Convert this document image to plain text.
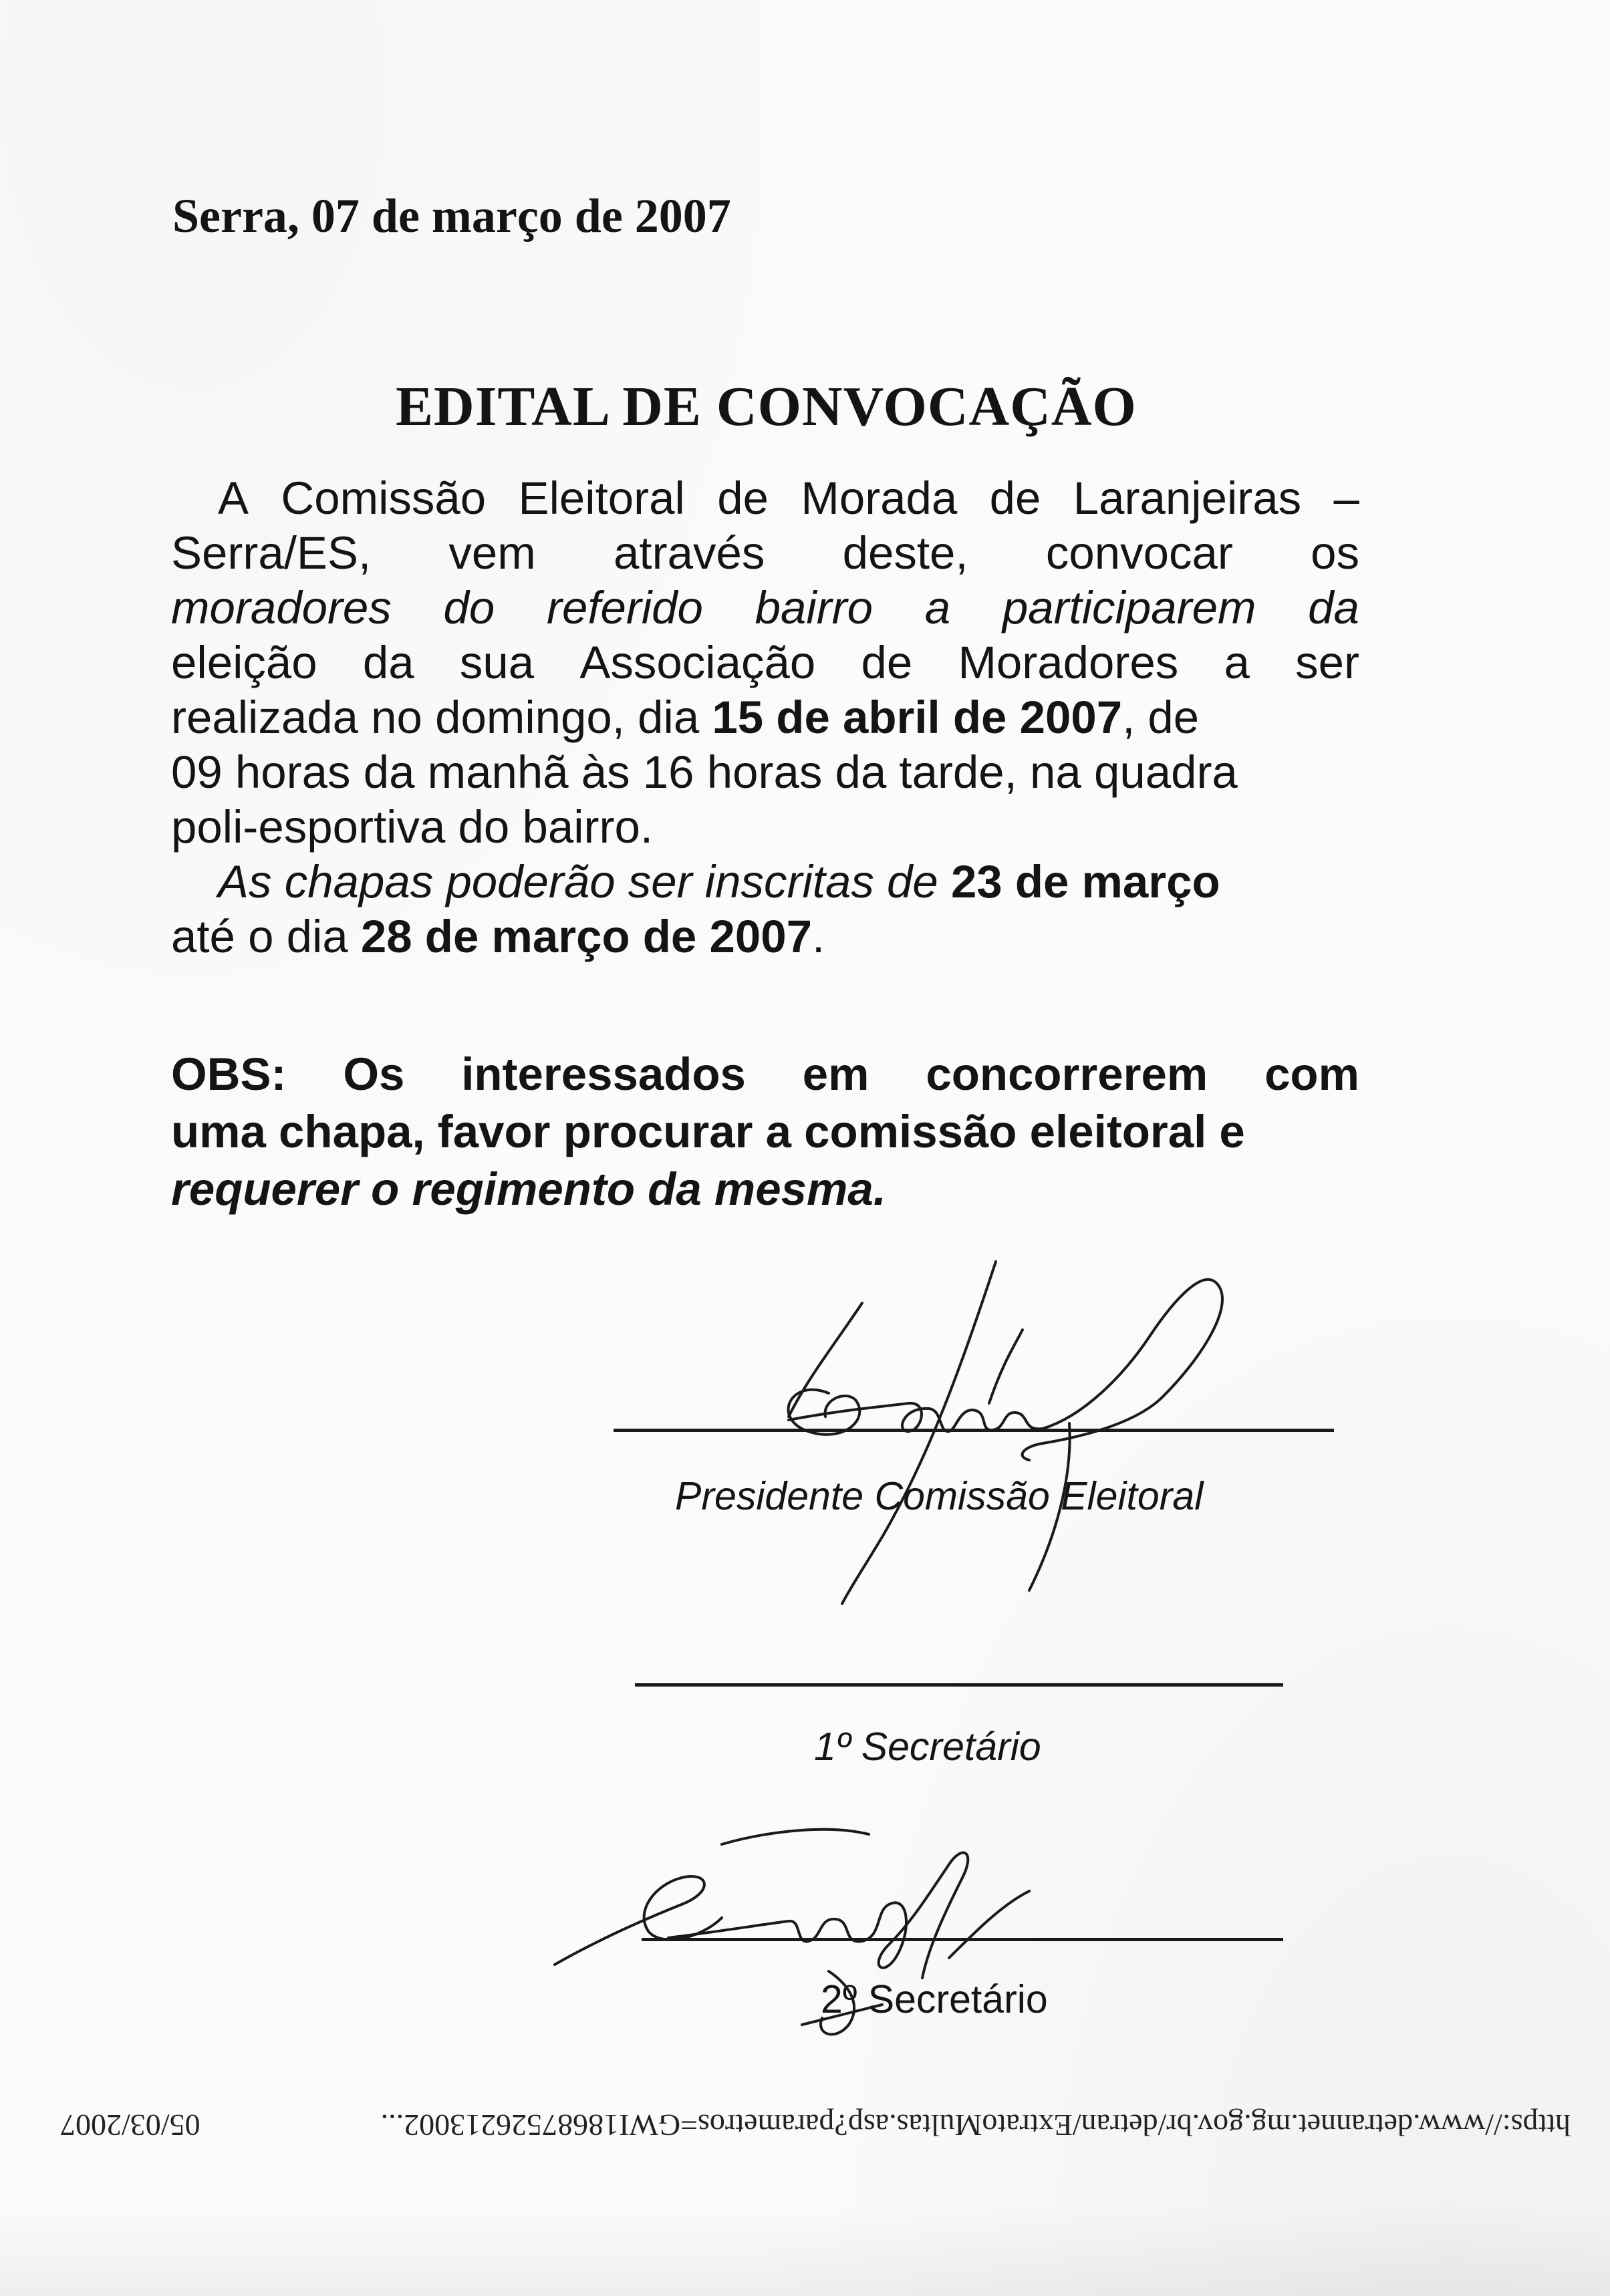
Serra, 07 de março de 2007
EDITAL DE CONVOCAÇÃO
A Comissão Eleitoral de Morada de Laranjeiras –
Serra/ES, vem através deste, convocar os
moradores do referido bairro a participarem da
eleição da sua Associação de Moradores a ser
realizada no domingo, dia 15 de abril de 2007, de
09 horas da manhã às 16 horas da tarde, na quadra
poli-esportiva do bairro.
As chapas poderão ser inscritas de 23 de março
até o dia 28 de março de 2007.
OBS: Os interessados em concorrerem com
uma chapa, favor procurar a comissão eleitoral e
requerer o regimento da mesma.
Presidente Comissão Eleitoral
1º Secretário
2º Secretário
https://www.detrannet.mg.gov.br/detran/ExtratoMultas.asp?parametros=GWI18687526213002...
05/03/2007
